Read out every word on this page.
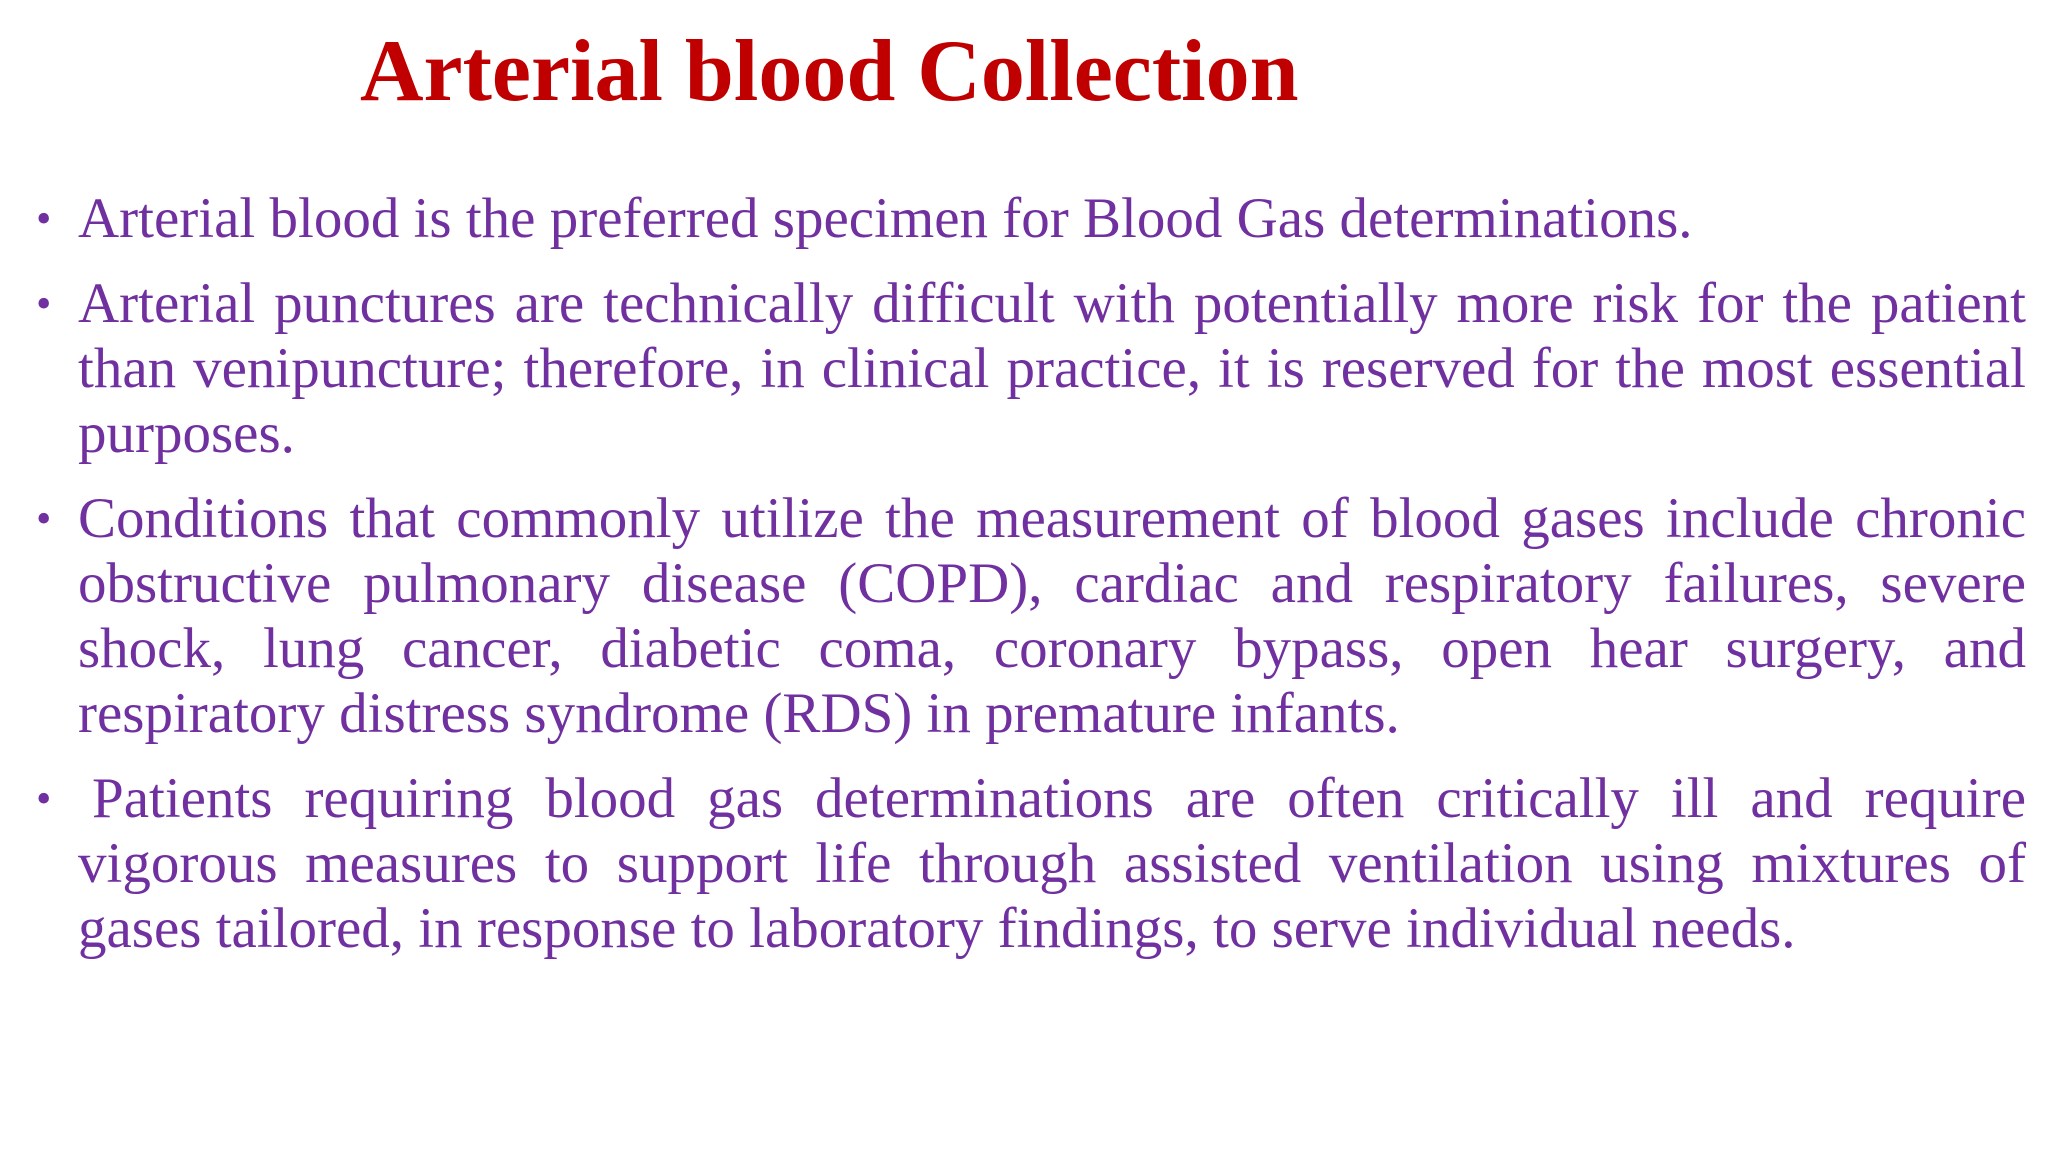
Arterial blood Collection
• Arterial blood is the preferred specimen for Blood Gas determinations.
• Arterial punctures are technically difficult with potentially more risk for the patient than venipuncture; therefore, in clinical practice, it is reserved for the most essential purposes.
• Conditions that commonly utilize the measurement of blood gases include chronic obstructive pulmonary disease (COPD), cardiac and respiratory failures, severe shock, lung cancer, diabetic coma, coronary bypass, open hear surgery, and respiratory distress syndrome (RDS) in premature infants.
• Patients requiring blood gas determinations are often critically ill and require vigorous measures to support life through assisted ventilation using mixtures of gases tailored, in response to laboratory findings, to serve individual needs.
